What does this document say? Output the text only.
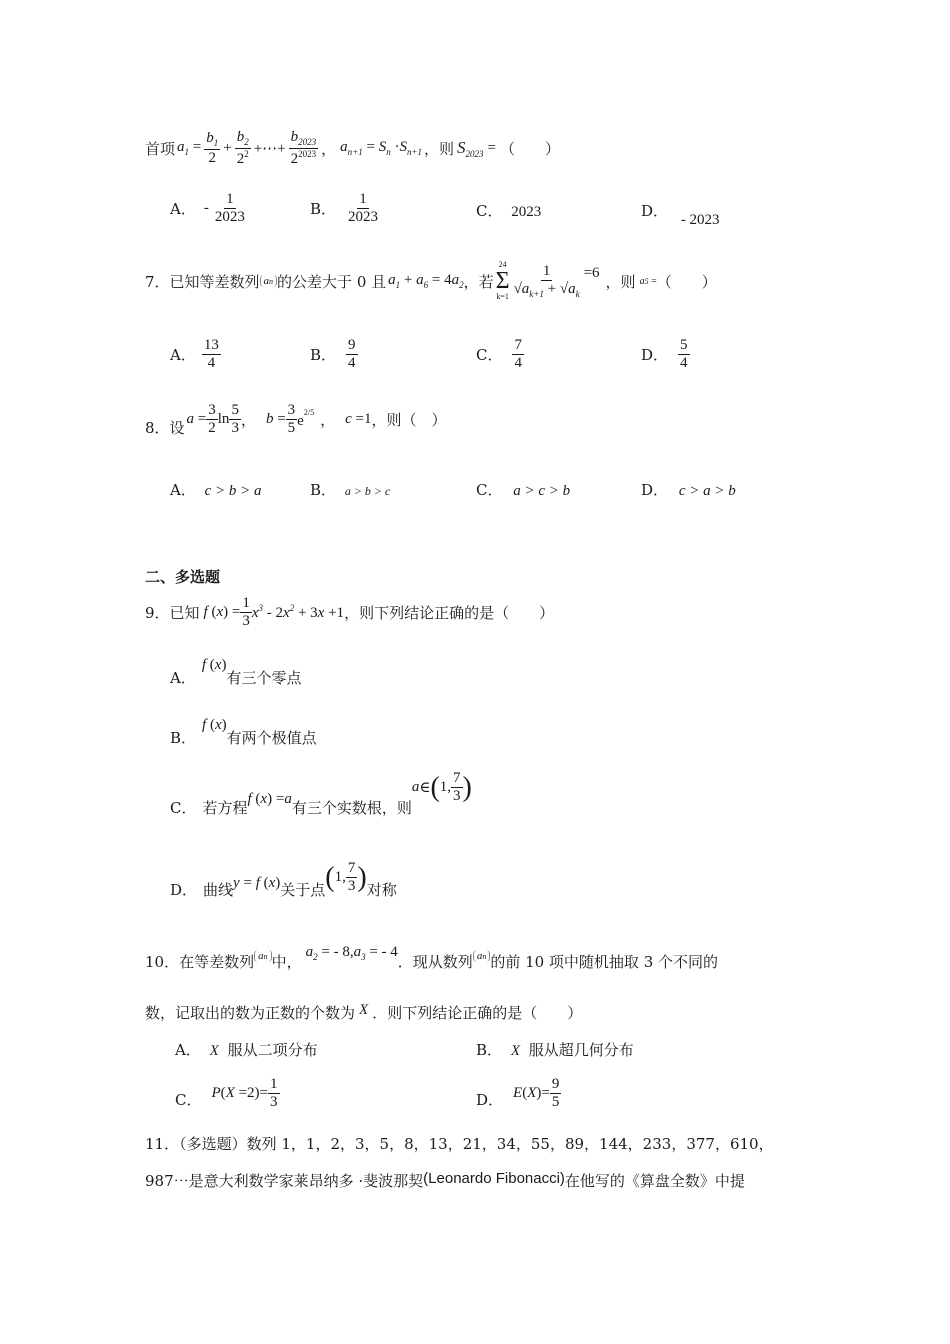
首项 $a_1 = \frac{b_1}{2} + \frac{b_2}{2^2}$ +⋯+ $\frac{b_{2023}}{2^{2023}}$ ， $a_{n+1} = S_n \cdot S_{n+1}$ ，则 $S_{2023}$ = （　　）
A． - $\frac{1}{2023}$	B． $\frac{1}{2023}$	C． 2023	D． - 2023
7．已知等差数列 an 的公差大于 0 且 $a_1 + a_6 = 4a_2$ ，若
24
Σ
$k=1 \frac{1}{√a_{k+1} + √a_k} =6$ ，则 a5 = （　　）
A． $\frac{13}{4}$	B． $\frac{9}{4}$	C． $\frac{7}{4}$	D． $\frac{5}{4}$
8．设 $a = \frac{3}{2}$ $\ln \frac{5}{3}$ ， $b = \frac{3}{5} e^{2/5}$ ， c =1 ，则（　）
A． c > b > a	B． a > b > c	C． a > c > b	D． c > a > b
二、多选题
9．已知 f $(x) = \frac{1}{3} x^3 - 2x^2 + 3x +1$ ，则下列结论正确的是（　　）
A．
f (x)
有三个零点
B．
f (x)
有两个极值点
C． 若方程 f (x) =a 有三个实数根，则
a ∈ ( 1, $\frac{7}{3}$ )
D． 曲线 y = f (x) 关于点 ( 1, $\frac{7}{3}$ ) 对称
10．在等差数列 an 中，
$a_2$ = - $8,a_3$ = - 4
．现从数列 an 的前 10 项中随机抽取 3 个不同的
数，记取出的数为正数的个数为 X ．则下列结论正确的是（　　）
A． X 服从二项分布	B． X 服从超几何分布
C． $P(X =2)= \frac{1}{3}$	D． $E(X)= \frac{9}{5}$
11．（多选题）数列 1，1，2，3，5，8，13，21，34，55，89，144，233，377，610，
987⋯是意大利数学家莱昂纳多 ·斐波那契 (Leonardo Fibonacci) 在他写的《算盘全数》中提
